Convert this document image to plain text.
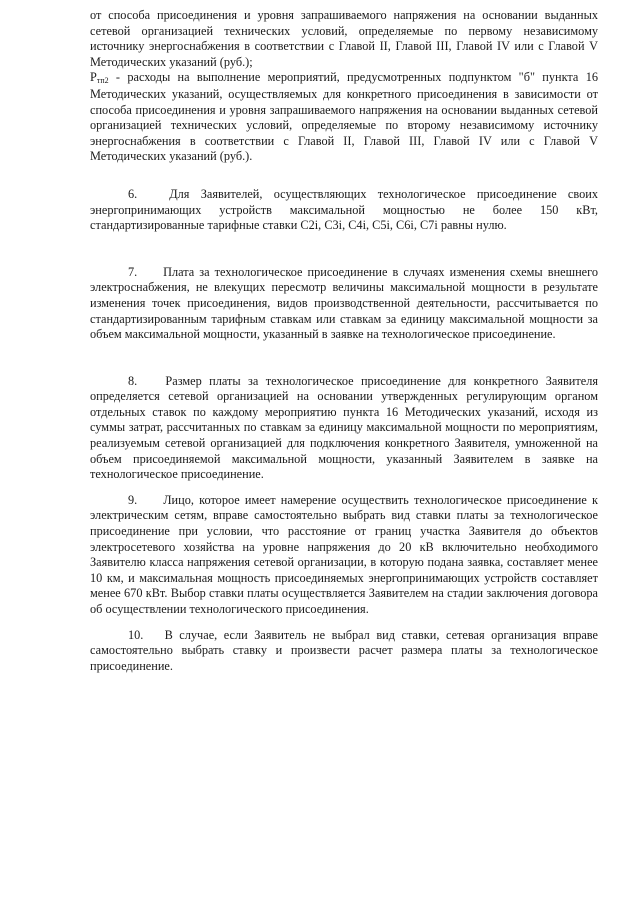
от способа присоединения и уровня запрашиваемого напряжения на основании выданных сетевой организацией технических условий, определяемые по первому независимому источнику энергоснабжения в соответствии с Главой II, Главой III, Главой IV или с Главой V Методических указаний (руб.);

$P_{тп2}$ - расходы на выполнение мероприятий, предусмотренных подпунктом "б" пункта 16 Методических указаний, осуществляемых для конкретного присоединения в зависимости от способа присоединения и уровня запрашиваемого напряжения на основании выданных сетевой организацией технических условий, определяемые по второму независимому источнику энергоснабжения в соответствии с Главой II, Главой III, Главой IV или с Главой V Методических указаний (руб.).

6.	Для Заявителей, осуществляющих технологическое присоединение своих энергопринимающих устройств максимальной мощностью не более 150 кВт, стандартизированные тарифные ставки C2i, C3i, C4i, C5i, C6i, C7i равны нулю.

7. Плата за технологическое присоединение в случаях изменения схемы внешнего электроснабжения, не влекущих пересмотр величины максимальной мощности в результате изменения точек присоединения, видов производственной деятельности, рассчитывается по стандартизированным тарифным ставкам или ставкам за единицу максимальной мощности за объем максимальной мощности, указанный в заявке на технологическое присоединение.

8. Размер платы за технологическое присоединение для конкретного Заявителя определяется сетевой организацией на основании утвержденных регулирующим органом отдельных ставок по каждому мероприятию пункта 16 Методических указаний, исходя из суммы затрат, рассчитанных по ставкам за единицу максимальной мощности по мероприятиям, реализуемым сетевой организацией для подключения конкретного Заявителя, умноженной на объем присоединяемой максимальной мощности, указанный Заявителем в заявке на технологическое присоединение.

9. Лицо, которое имеет намерение осуществить технологическое присоединение к электрическим сетям, вправе самостоятельно выбрать вид ставки платы за технологическое присоединение при условии, что расстояние от границ участка Заявителя до объектов электросетевого хозяйства на уровне напряжения до 20 кВ включительно необходимого Заявителю класса напряжения сетевой организации, в которую подана заявка, составляет менее 10 км, и максимальная мощность присоединяемых энергопринимающих устройств составляет менее 670 кВт. Выбор ставки платы осуществляется Заявителем на стадии заключения договора об осуществлении технологического присоединения.

10. В случае, если Заявитель не выбрал вид ставки, сетевая организация вправе самостоятельно выбрать ставку и произвести расчет размера платы за технологическое присоединение.
